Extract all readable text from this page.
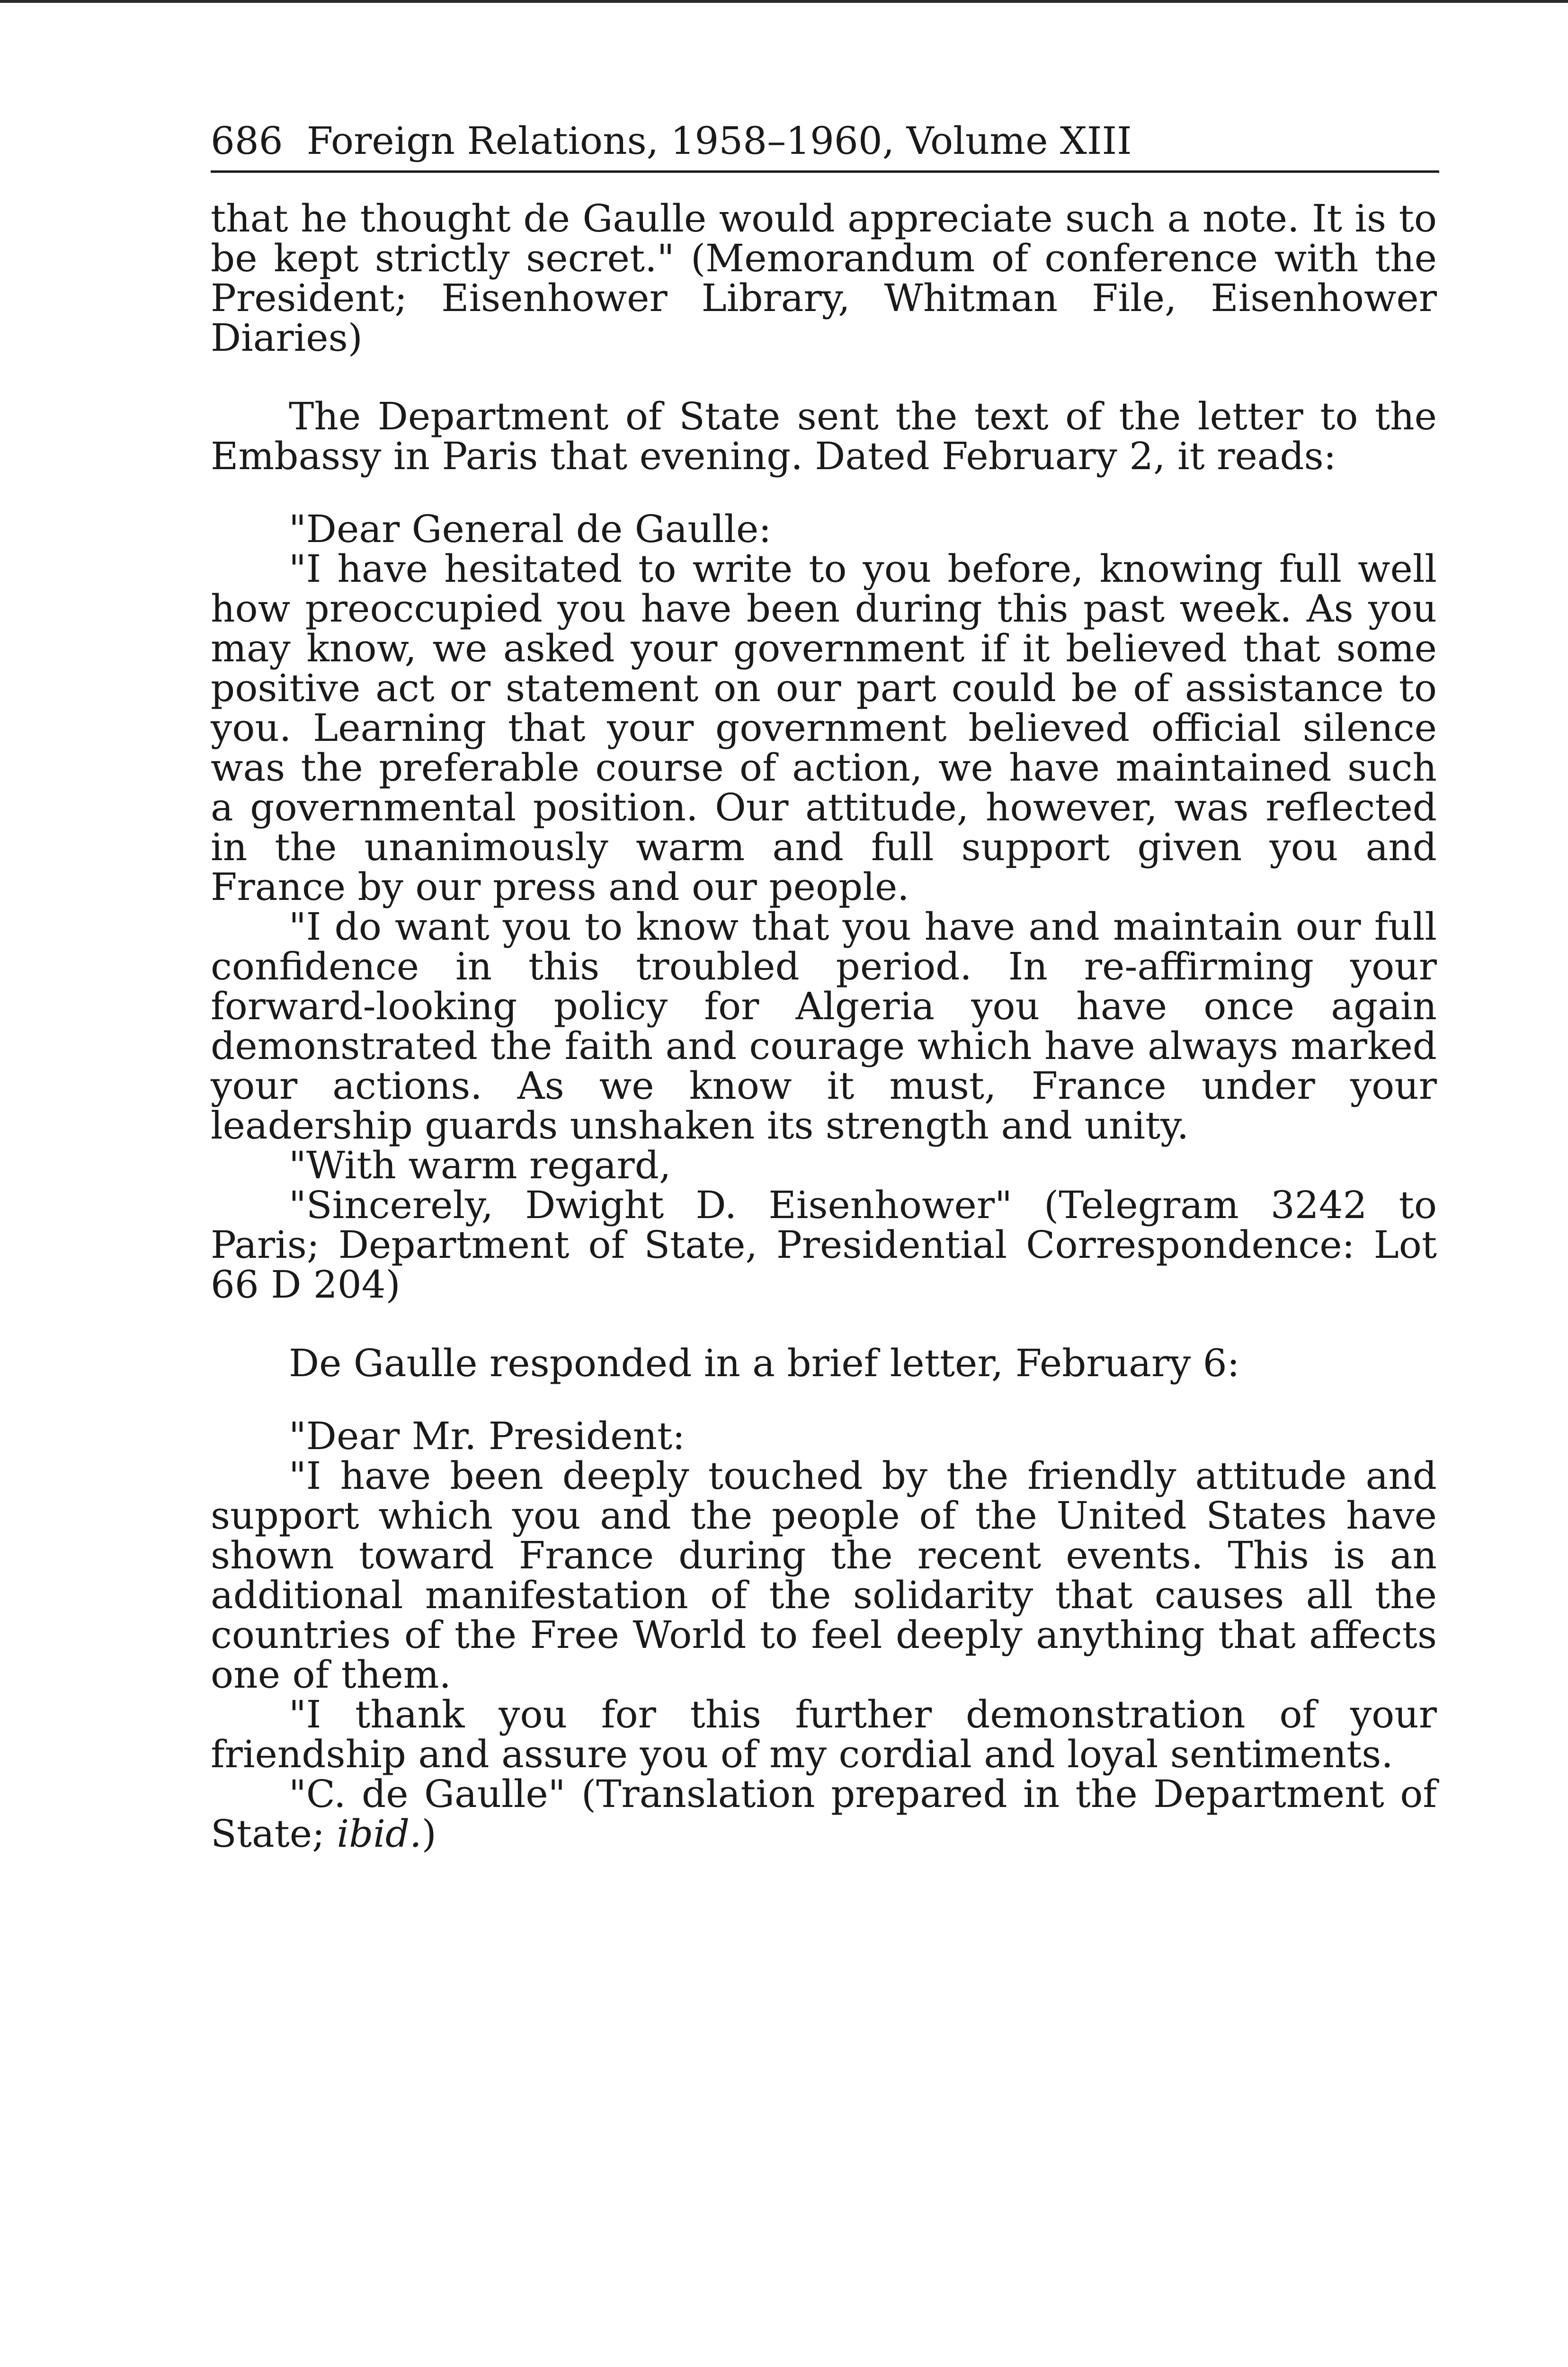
686 Foreign Relations, 1958–1960, Volume XIII

that he thought de Gaulle would appreciate such a note. It is to be kept strictly secret." (Memorandum of conference with the President; Eisenhower Library, Whitman File, Eisenhower Diaries)

The Department of State sent the text of the letter to the Embassy in Paris that evening. Dated February 2, it reads:

"Dear General de Gaulle:

"I have hesitated to write to you before, knowing full well how preoccupied you have been during this past week. As you may know, we asked your government if it believed that some positive act or statement on our part could be of assistance to you. Learning that your government believed official silence was the preferable course of action, we have maintained such a governmental position. Our attitude, however, was reflected in the unanimously warm and full support given you and France by our press and our people.

"I do want you to know that you have and maintain our full confidence in this troubled period. In re-affirming your forward-looking policy for Algeria you have once again demonstrated the faith and courage which have always marked your actions. As we know it must, France under your leadership guards unshaken its strength and unity.

"With warm regard,

"Sincerely, Dwight D. Eisenhower" (Telegram 3242 to Paris; Department of State, Presidential Correspondence: Lot 66 D 204)

De Gaulle responded in a brief letter, February 6:

"Dear Mr. President:

"I have been deeply touched by the friendly attitude and support which you and the people of the United States have shown toward France during the recent events. This is an additional manifestation of the solidarity that causes all the countries of the Free World to feel deeply anything that affects one of them.

"I thank you for this further demonstration of your friendship and assure you of my cordial and loyal sentiments.

"C. de Gaulle" (Translation prepared in the Department of State; ibid.)
